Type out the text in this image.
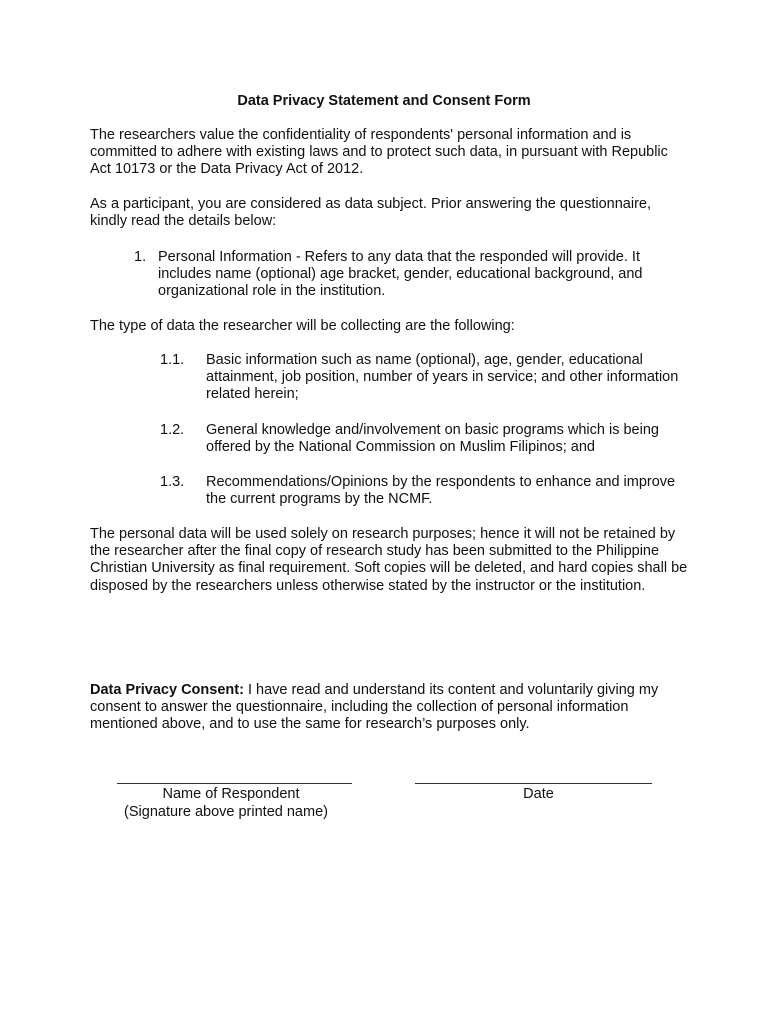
Data Privacy Statement and Consent Form

The researchers value the confidentiality of respondents' personal information and is committed to adhere with existing laws and to protect such data, in pursuant with Republic Act 10173 or the Data Privacy Act of 2012.

As a participant, you are considered as data subject. Prior answering the questionnaire, kindly read the details below:

1. Personal Information - Refers to any data that the responded will provide. It includes name (optional) age bracket, gender, educational background, and organizational role in the institution.

The type of data the researcher will be collecting are the following:

1.1. Basic information such as name (optional), age, gender, educational attainment, job position, number of years in service; and other information related herein;
1.2. General knowledge and/involvement on basic programs which is being offered by the National Commission on Muslim Filipinos; and
1.3. Recommendations/Opinions by the respondents to enhance and improve the current programs by the NCMF.

The personal data will be used solely on research purposes; hence it will not be retained by the researcher after the final copy of research study has been submitted to the Philippine Christian University as final requirement. Soft copies will be deleted, and hard copies shall be disposed by the researchers unless otherwise stated by the instructor or the institution.

Data Privacy Consent: I have read and understand its content and voluntarily giving my consent to answer the questionnaire, including the collection of personal information mentioned above, and to use the same for research’s purposes only.

Name of Respondent
(Signature above printed name)
Date
